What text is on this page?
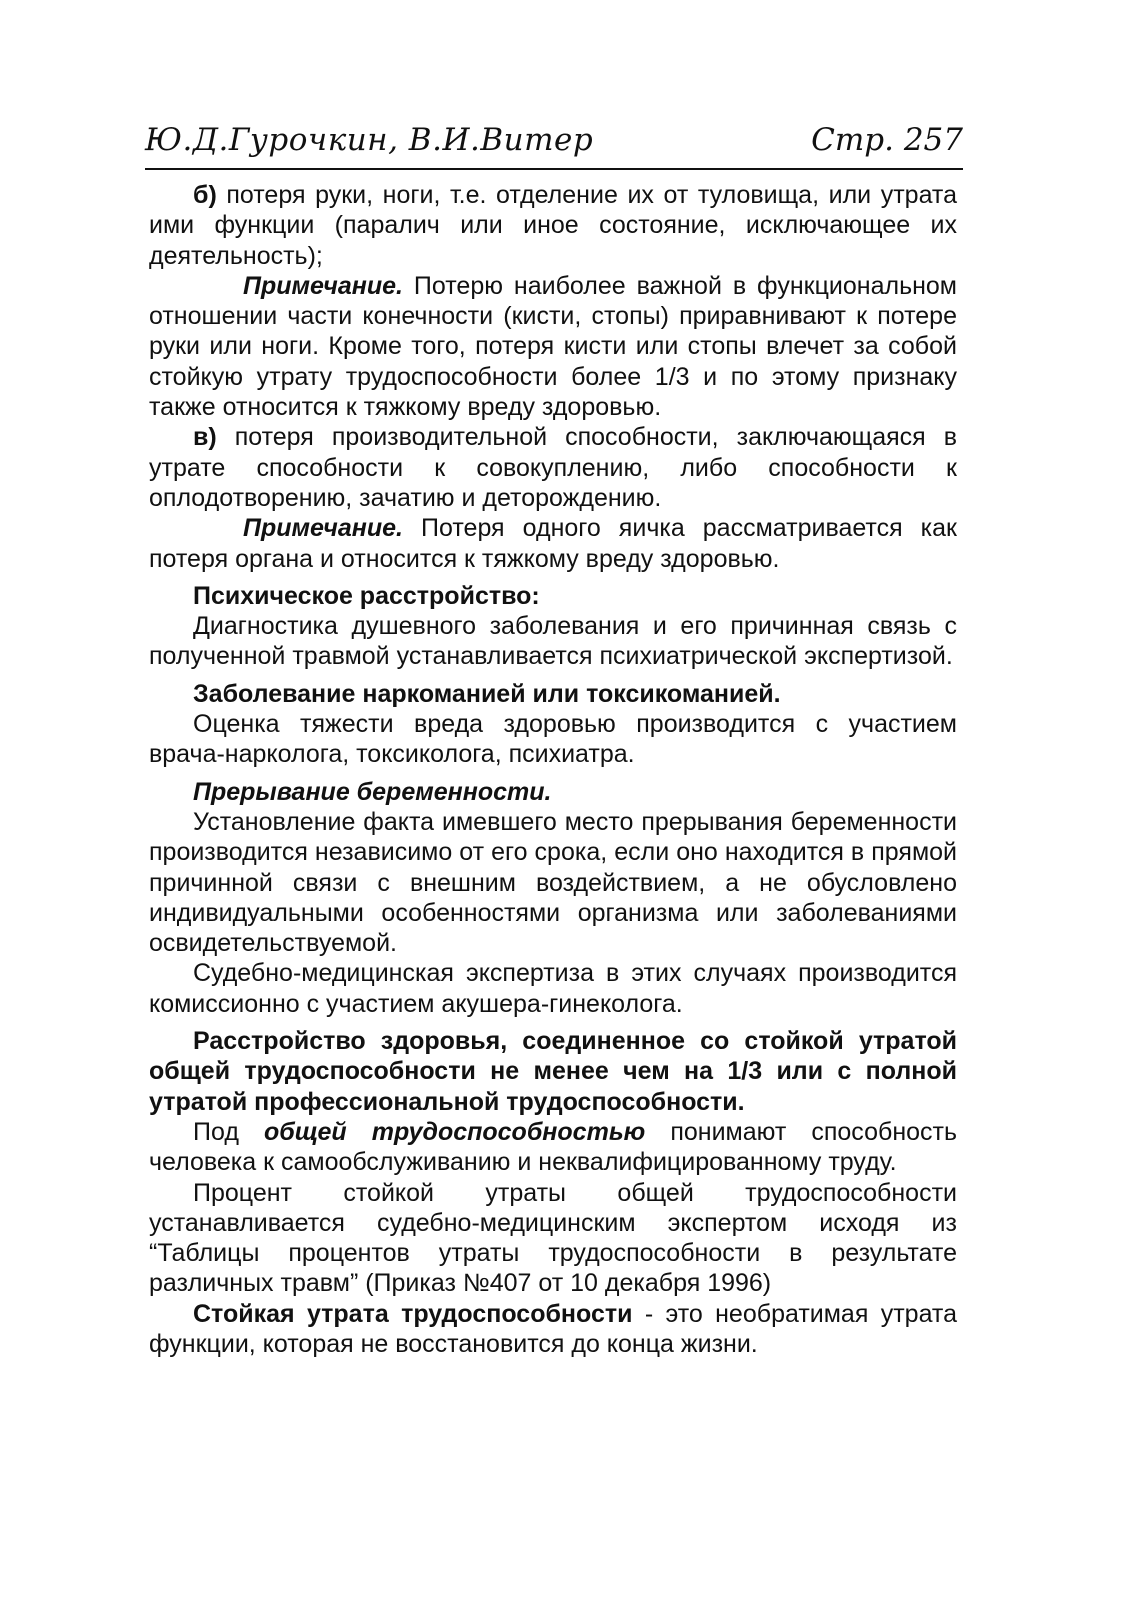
Ю.Д.Гурочкин, В.И.Витер	Стр. 257

б) потеря руки, ноги, т.е. отделение их от туловища, или утрата ими функции (паралич или иное состояние, исключающее их деятельность);

Примечание. Потерю наиболее важной в функциональном отношении части конечности (кисти, стопы) приравнивают к потере руки или ноги. Кроме того, потеря кисти или стопы влечет за собой стойкую утрату трудоспособности более 1/3 и по этому признаку также относится к тяжкому вреду здоровью.

в) потеря производительной способности, заключающаяся в утрате способности к совокуплению, либо способности к оплодотворению, зачатию и деторождению.

Примечание. Потеря одного яичка рассматривается как потеря органа и относится к тяжкому вреду здоровью.

Психическое расстройство:

Диагностика душевного заболевания и его причинная связь с полученной травмой устанавливается психиатрической экспертизой.

Заболевание наркоманией или токсикоманией.

Оценка тяжести вреда здоровью производится с участием врача-нарколога, токсиколога, психиатра.

Прерывание беременности.

Установление факта имевшего место прерывания беременности производится независимо от его срока, если оно находится в прямой причинной связи с внешним воздействием, а не обусловлено индивидуальными особенностями организма или заболеваниями освидетельствуемой.

Судебно-медицинская экспертиза в этих случаях производится комиссионно с участием акушера-гинеколога.

Расстройство здоровья, соединенное со стойкой утратой общей трудоспособности не менее чем на 1/3 или с полной утратой профессиональной трудоспособности.

Под общей трудоспособностью понимают способность человека к самообслуживанию и неквалифицированному труду.

Процент стойкой утраты общей трудоспособности устанавливается судебно-медицинским экспертом исходя из “Таблицы процентов утраты трудоспособности в результате различных травм” (Приказ №407 от 10 декабря 1996)

Стойкая утрата трудоспособности - это необратимая утрата функции, которая не восстановится до конца жизни.
